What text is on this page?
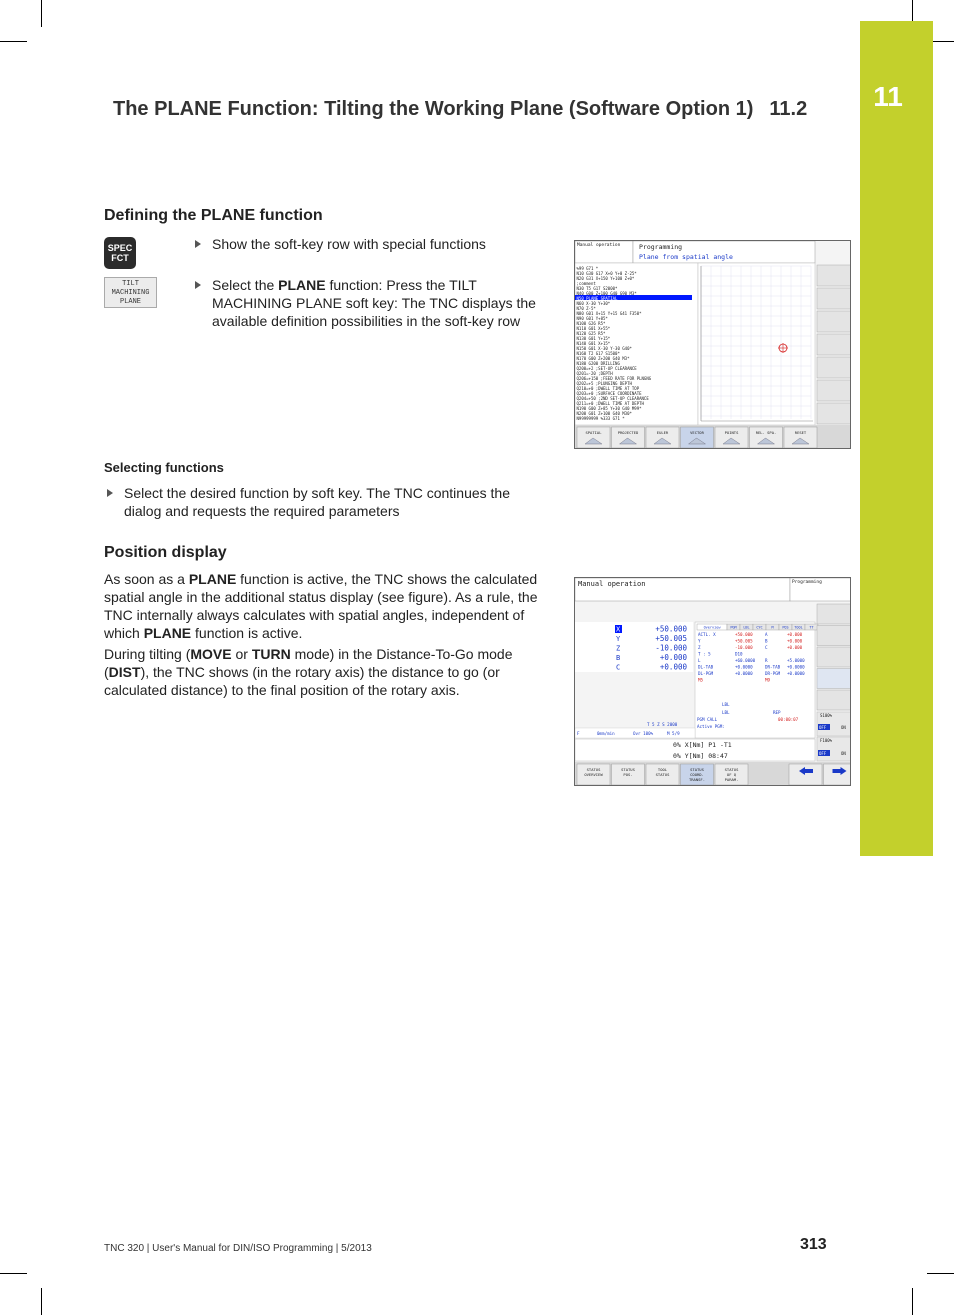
11
The PLANE Function: Tilting the Working Plane (Software Option 1) 11.2
Defining the PLANE function
SPEC
FCT
TILT
MACHINING
PLANE
Show the soft-key row with special functions
Select the PLANE function: Press the TILT MACHINING PLANE soft key: The TNC displays the available definition possibilities in the soft-key row
Manual operation	Programming
Plane from spatial angle
%99 G71 *
N10 G30 G17 X+0 Y+0 Z-25*
N20 G31 X+150 Y+100 Z+0*
;comment
N30 T5 G17 S2000*
N40 G00 Z+100 G40 G90 M3*
N50 PLANE SPATIAL
N60 X-30 Y+30*
N70 Z-5*
N80 G01 X+15 Y+15 G41 F350*
N90 G01 Y+85*
N100 G26 R5*
N110 G01 X+55*
N120 G25 R5*
N130 G01 Y+15*
N140 G01 X+15*
N150 G01 X-30 Y-30 G40*
N160 T2 G17 S1500*
N170 G00 Z+200 G40 M3*
N180 G200 DRILLING
Q200=+2 ;SET-UP CLEARANCE
Q201=-20 ;DEPTH
Q206=+150 ;FEED RATE FOR PLNGNG
Q202=+5 ;PLUNGING DEPTH
Q210=+0 ;DWELL TIME AT TOP
Q203=+0 ;SURFACE COORDINATE
Q204=+50 ;2ND SET-UP CLEARANCE
Q211=+0 ;DWELL TIME AT DEPTH
N190 G00 Z+85 Y+30 G40 M99*
N200 G01 Z+100 G40 M30*
N99999999 %333 G71 *
SPATIAL	PROJECTED	EULER	VECTOR	POINTS	REL. SPA.	RESET
Selecting functions
Select the desired function by soft key. The TNC continues the dialog and requests the required parameters
Position display
As soon as a PLANE function is active, the TNC shows the calculated spatial angle in the additional status display (see figure). As a rule, the TNC internally always calculates with spatial angles, independent of which PLANE function is active.
During tilting (MOVE or TURN mode) in the Distance-To-Go mode (DIST), the TNC shows (in the rotary axis) the distance to go (or calculated distance) to the final position of the rotary axis.
Manual operation	Programming
X	+50.000
Y	+50.005
Z	-10.000
B	+0.000
C	+0.000
Overview	PGM LBL CYC	M	POS TOOL TT
ACTL. X	+50.000	A	+0.000
Y	+50.005	B	+0.000
Z	-10.000	C	+0.000
T : 5	D10
L	+60.0000 R	+5.0000
DL-TAB	+0.0000	DR-TAB +0.0000
DL-PGM	+0.0000	DR-PGM +0.0000
M5	M9
LBL
LBL	REP
PGM CALL	00:00:07
Active PGM:
F	0mm/min	Ovr 100%	M 5/9
T 5 Z S 2000
0% X[Nm] P1 -T1
0% Y[Nm] 08:47
S100%
OFF	ON
F100%
OFF	ON
STATUS
OVERVIEW
STATUS
POS.
TOOL
STATUS
STATUS
COORD.
TRANSF.
STATUS
OF Q
PARAM.
TNC 320 | User's Manual for DIN/ISO Programming | 5/2013	313
